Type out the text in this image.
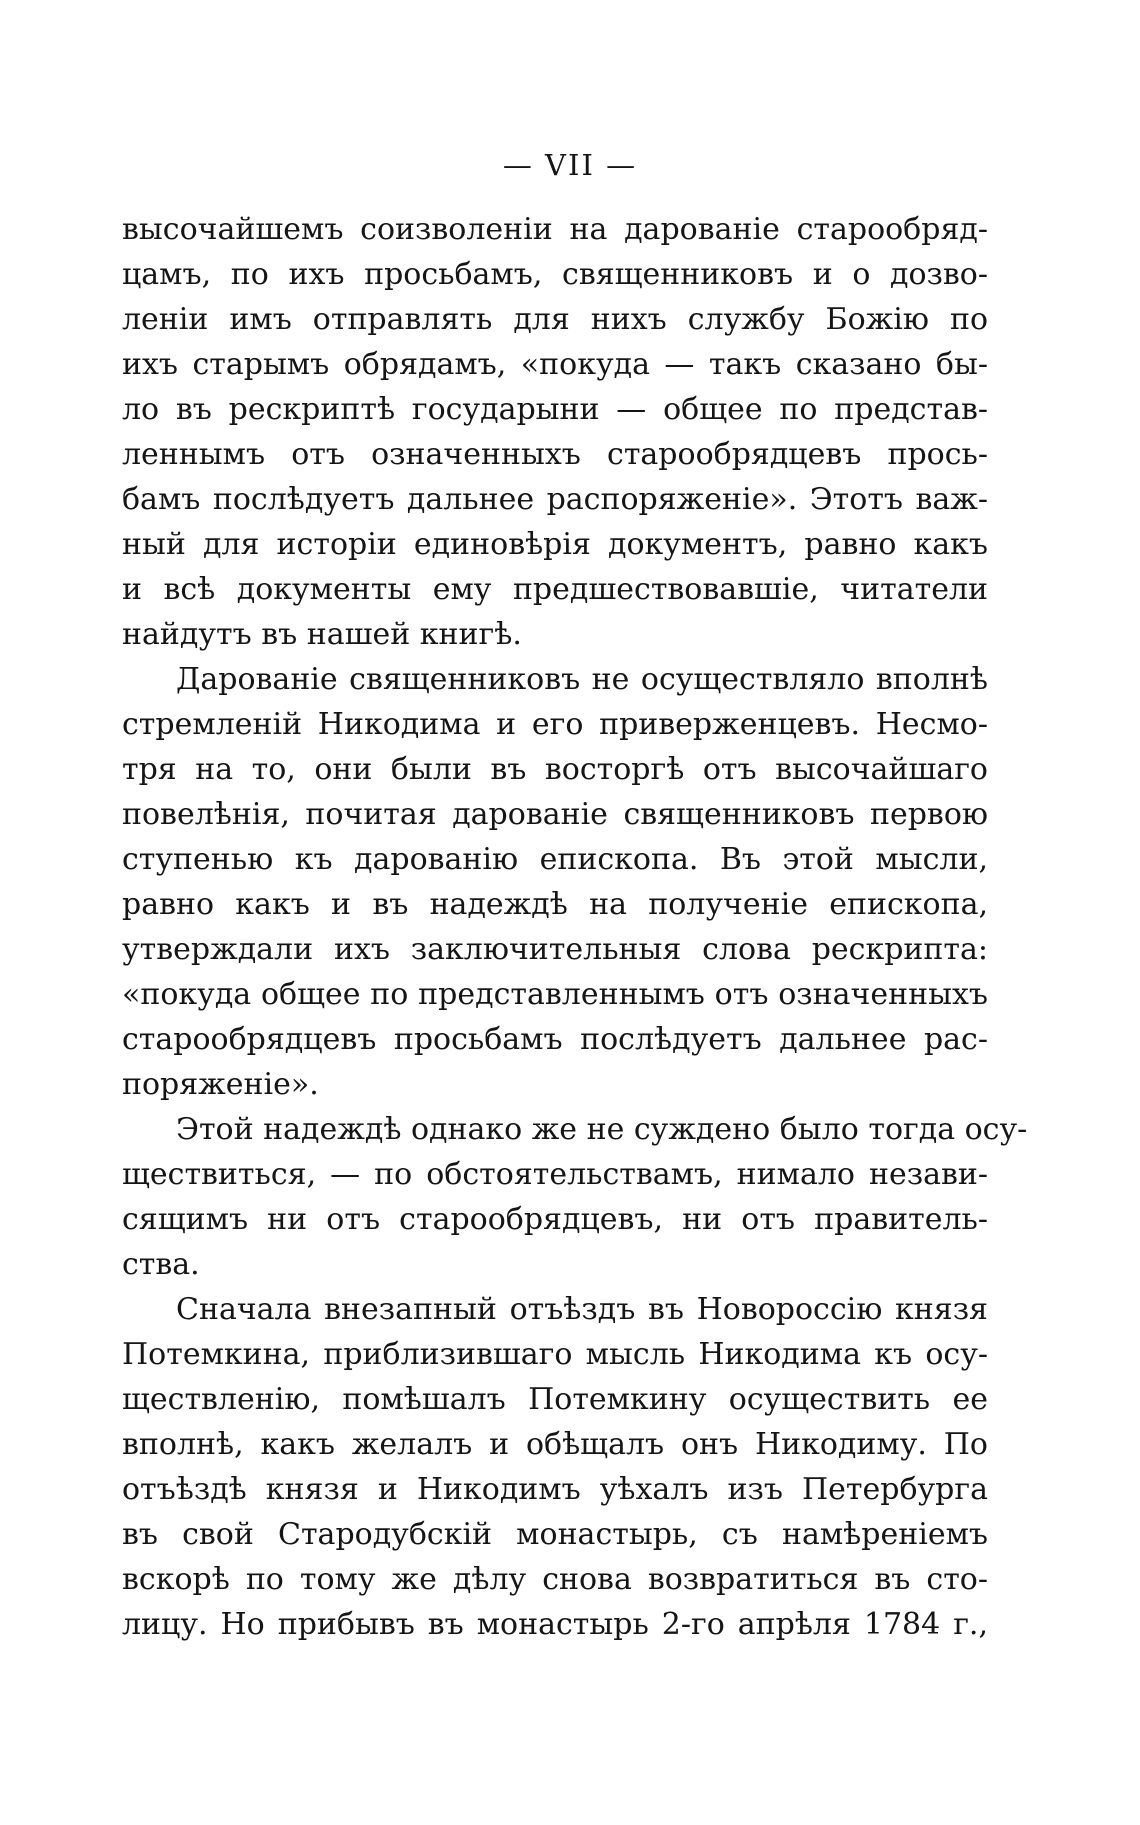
— VII —
высочайшемъ соизволенiи на дарованiе старообряд-
цамъ, по ихъ просьбамъ, священниковъ и о дозво-
ленiи имъ отправлять для нихъ службу Божiю по
ихъ старымъ обрядамъ, «покуда — такъ сказано бы-
ло въ рескриптѣ государыни — общее по представ-
леннымъ отъ означенныхъ старообрядцевъ прось-
бамъ послѣдуетъ дальнее распоряженiе». Этотъ важ-
ный для исторiи единовѣрiя документъ, равно какъ
и всѣ документы ему предшествовавшiе, читатели
найдутъ въ нашей книгѣ.
Дарованiе священниковъ не осуществляло вполнѣ
стремленiй Никодима и его приверженцевъ. Несмо-
тря на то, они были въ восторгѣ отъ высочайшаго
повелѣнiя, почитая дарованiе священниковъ первою
ступенью къ дарованiю епископа. Въ этой мысли,
равно какъ и въ надеждѣ на полученiе епископа,
утверждали ихъ заключительныя слова рескрипта:
«покуда общее по представленнымъ отъ означенныхъ
старообрядцевъ просьбамъ послѣдуетъ дальнее рас-
поряженiе».
Этой надеждѣ однако же не суждено было тогда осу-
ществиться, — по обстоятельствамъ, нимало незави-
сящимъ ни отъ старообрядцевъ, ни отъ правитель-
ства.
Сначала внезапный отъѣздъ въ Новороссiю князя
Потемкина, приблизившаго мысль Никодима къ осу-
ществленiю, помѣшалъ Потемкину осуществить ее
вполнѣ, какъ желалъ и обѣщалъ онъ Никодиму. По
отъѣздѣ князя и Никодимъ уѣхалъ изъ Петербурга
въ свой Стародубскiй монастырь, съ намѣренiемъ
вскорѣ по тому же дѣлу снова возвратиться въ сто-
лицу. Но прибывъ въ монастырь 2-го апрѣля 1784 г.,
